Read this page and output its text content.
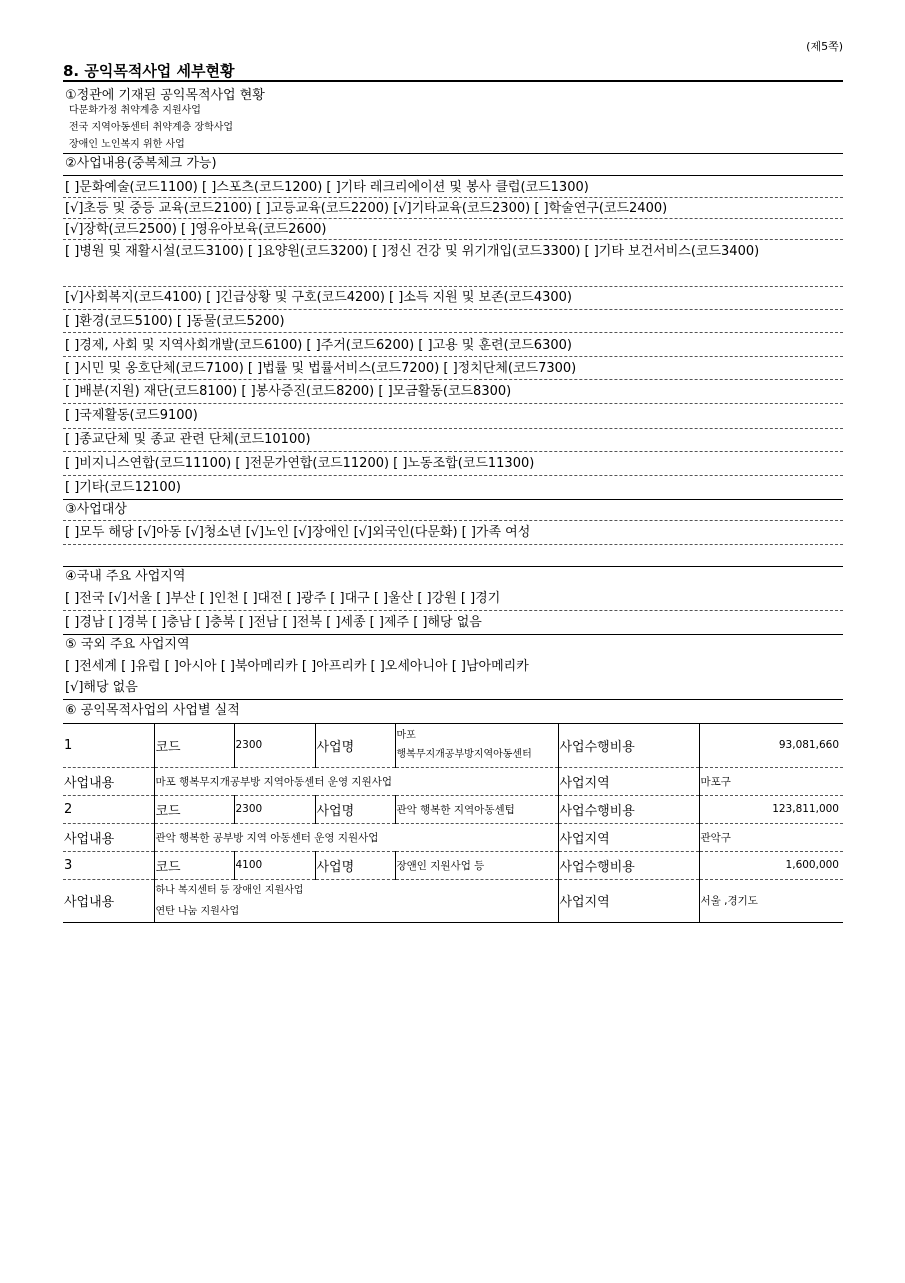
(제5쪽)
8. 공익목적사업 세부현황
①정관에 기재된 공익목적사업 현황
다문화가정 취약계층 지원사업
전국 지역아동센터 취약계층 장학사업
장애인 노인복지 위한 사업
②사업내용(중복체크 가능)
[ ]문화예술(코드1100) [ ]스포츠(코드1200) [ ]기타 레크리에이션 및 봉사 클럽(코드1300)
[√]초등 및 중등 교육(코드2100) [ ]고등교육(코드2200) [√]기타교육(코드2300) [ ]학술연구(코드2400)
[√]장학(코드2500) [ ]영유아보육(코드2600)
[ ]병원 및 재활시설(코드3100) [ ]요양원(코드3200) [ ]정신 건강 및 위기개입(코드3300) [ ]기타 보건서비스(코드3400)
[√]사회복지(코드4100) [ ]긴급상황 및 구호(코드4200) [ ]소득 지원 및 보존(코드4300)
[ ]환경(코드5100) [ ]동물(코드5200)
[ ]경제, 사회 및 지역사회개발(코드6100) [ ]주거(코드6200) [ ]고용 및 훈련(코드6300)
[ ]시민 및 옹호단체(코드7100) [ ]법률 및 법률서비스(코드7200) [ ]정치단체(코드7300)
[ ]배분(지원) 재단(코드8100) [ ]봉사증진(코드8200) [ ]모금활동(코드8300)
[ ]국제활동(코드9100)
[ ]종교단체 및 종교 관련 단체(코드10100)
[ ]비지니스연합(코드11100) [ ]전문가연합(코드11200) [ ]노동조합(코드11300)
[ ]기타(코드12100)
③사업대상
[ ]모두 해당 [√]아동 [√]청소년 [√]노인 [√]장애인 [√]외국인(다문화) [ ]가족 여성
④국내 주요 사업지역
[ ]전국 [√]서울 [ ]부산 [ ]인천 [ ]대전 [ ]광주 [ ]대구 [ ]울산 [ ]강원 [ ]경기
[ ]경남 [ ]경북 [ ]충남 [ ]충북 [ ]전남 [ ]전북 [ ]세종 [ ]제주 [ ]해당 없음
⑤ 국외 주요 사업지역
[ ]전세계 [ ]유럽 [ ]아시아 [ ]북아메리카 [ ]아프리카 [ ]오세아니아 [ ]남아메리카
[√]해당 없음
⑥ 공익목적사업의 사업별 실적
1	코드	2300	사업명	마포
행복무지개공부방지역아동센터	사업수행비용	93,081,660
사업내용	마포 행복무지개공부방 지역아동센터 운영 지원사업				사업지역	마포구
2	코드	2300	사업명	관악 행복한 지역아동센텁	사업수행비용	123,811,000
사업내용	관악 행복한 공부방 지역 아동센터 운영 지원사업				사업지역	관악구
3	코드	4100	사업명	장앤인 지원사업 등	사업수행비용	1,600,000
사업내용	하나 복지센터 등 장애인 지원사업
연탄 나눔 지원사업				사업지역	서울 ,경기도
